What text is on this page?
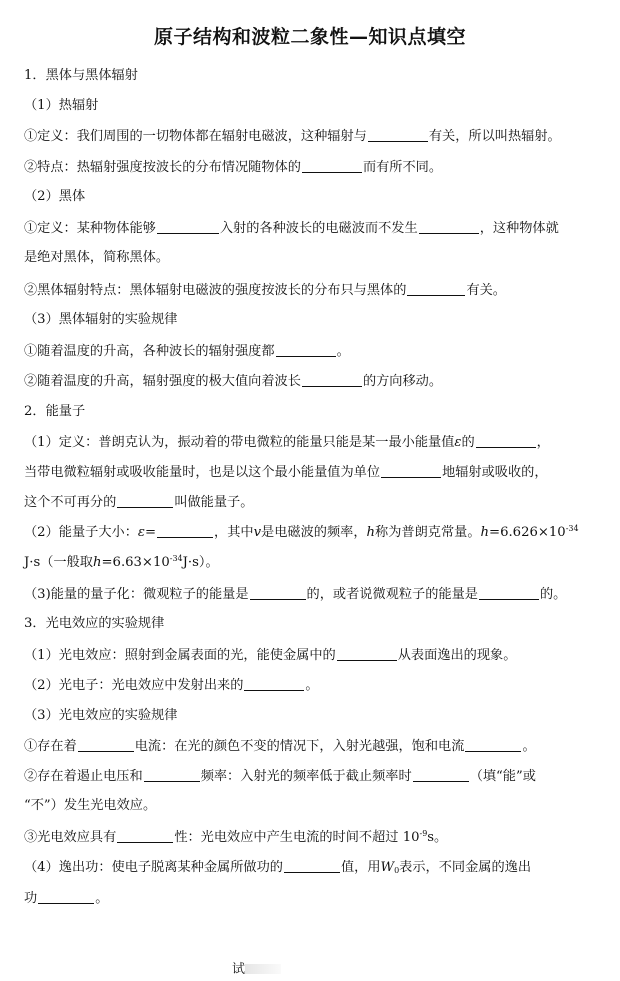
原子结构和波粒二象性—知识点填空
1．黑体与黑体辐射
（1）热辐射
①定义：我们周围的一切物体都在辐射电磁波，这种辐射与	有关，所以叫热辐射。
②特点：热辐射强度按波长的分布情况随物体的	而有所不同。
（2）黑体
①定义：某种物体能够	入射的各种波长的电磁波而不发生	，这种物体就
是绝对黑体，简称黑体。
②黑体辐射特点：黑体辐射电磁波的强度按波长的分布只与黑体的	有关。
（3）黑体辐射的实验规律
①随着温度的升高，各种波长的辐射强度都	。
②随着温度的升高，辐射强度的极大值向着波长	的方向移动。
2．能量子
（1）定义：普朗克认为，振动着的带电微粒的能量只能是某一最小能量值ε的	，
当带电微粒辐射或吸收能量时，也是以这个最小能量值为单位	地辐射或吸收的，
这个不可再分的	叫做能量子。
（2）能量子大小：ε=	，其中v是电磁波的频率，h称为普朗克常量。$h=6.626\times 10^{-34}$
J·s（一般取$h=6.63\times 10^{-34}J\cdot s$）。
（3)能量的量子化：微观粒子的能量是	的，或者说微观粒子的能量是	的。
3．光电效应的实验规律
（1）光电效应：照射到金属表面的光，能使金属中的	从表面逸出的现象。
（2）光电子：光电效应中发射出来的	。
（3）光电效应的实验规律
①存在着	电流：在光的颜色不变的情况下，入射光越强，饱和电流	。
②存在着遏止电压和	频率：入射光的频率低于截止频率时	（填“能”或
“不”）发生光电效应。
③光电效应具有	性：光电效应中产生电流的时间不超过 $10^{-9}s$。
（4）逸出功：使电子脱离某种金属所做功的	值，用$W_0$表示，不同金属的逸出
功	。
试
